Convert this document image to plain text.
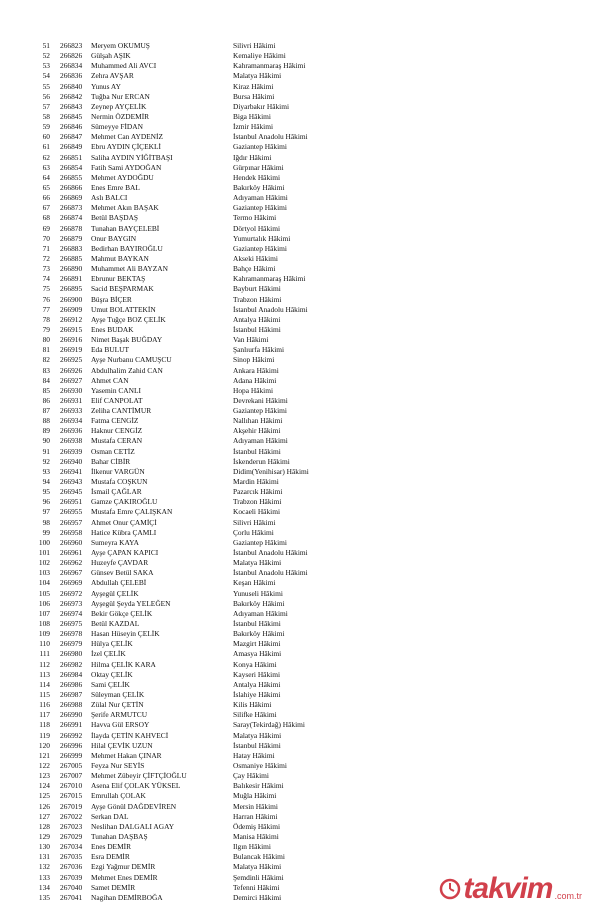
51 266823 Meryem OKUMUŞ	Silivri Hâkimi
52 266826 Gülşah AŞIK	Kemaliye Hâkimi
53 266834 Muhammed Ali AVCI	Kahramanmaraş Hâkimi
54 266836 Zehra AVŞAR	Malatya Hâkimi
55 266840 Yunus AY	Kiraz Hâkimi
56 266842 Tuğba Nur ERCAN	Bursa Hâkimi
57 266843 Zeynep AYÇELİK	Diyarbakır Hâkimi
58 266845 Nermin ÖZDEMİR	Biga Hâkimi
59 266846 Sümeyye FİDAN	İzmir Hâkimi
60 266847 Mehmet Can AYDENİZ	İstanbul Anadolu Hâkimi
61 266849 Ebru AYDIN ÇİÇEKLİ	Gaziantep Hâkimi
62 266851 Saliha AYDIN YİĞİTBAŞI	Iğdır Hâkimi
63 266854 Fatih Sami AYDOĞAN	Gürpınar Hâkimi
64 266855 Mehmet AYDOĞDU	Hendek Hâkimi
65 266866 Enes Emre BAL	Bakırköy Hâkimi
66 266869 Aslı BALCI	Adıyaman Hâkimi
67 266873 Mehmet Akın BAŞAK	Gaziantep Hâkimi
68 266874 Betül BAŞDAŞ	Termo Hâkimi
69 266878 Tunahan BAYÇELEBİ	Dörtyol Hâkimi
70 266879 Onur BAYGIN	Yumurtalık Hâkimi
71 266883 Bedirhan BAYIROĞLU	Gaziantep Hâkimi
72 266885 Mahmut BAYKAN	Akseki Hâkimi
73 266890 Muhammet Ali BAYZAN	Bahçe Hâkimi
74 266891 Ebrunur BEKTAŞ	Kahramanmaraş Hâkimi
75 266895 Sacid BEŞPARMAK	Bayburt Hâkimi
76 266900 Büşra BİÇER	Trabzon Hâkimi
77 266909 Umut BOLATTEKİN	İstanbul Anadolu Hâkimi
78 266912 Ayşe Tuğçe BOZ ÇELİK	Antalya Hâkimi
79 266915 Enes BUDAK	İstanbul Hâkimi
80 266916 Nimet Başak BUĞDAY	Van Hâkimi
81 266919 Eda BULUT	Şanlıurfa Hâkimi
82 266925 Ayşe Nurbanu CAMUŞCU	Sinop Hâkimi
83 266926 Abdulhalim Zahid CAN	Ankara Hâkimi
84 266927 Ahmet CAN	Adana Hâkimi
85 266930 Yasemin CANLI	Hopa Hâkimi
86 266931 Elif CANPOLAT	Devrekani Hâkimi
87 266933 Zeliha CANTİMUR	Gaziantep Hâkimi
88 266934 Fatma CENGİZ	Nallıhan Hâkimi
89 266936 Haknur CENGİZ	Akşehir Hâkimi
90 266938 Mustafa CERAN	Adıyaman Hâkimi
91 266939 Osman CETİZ	İstanbul Hâkimi
92 266940 Bahar CİBİR	İskenderun Hâkimi
93 266941 İlkenur VARGÜN	Didim(Yenihisar) Hâkimi
94 266943 Mustafa COŞKUN	Mardin Hâkimi
95 266945 İsmail ÇAĞLAR	Pazarcık Hâkimi
96 266951 Gamze ÇAKIROĞLU	Trabzon Hâkimi
97 266955 Mustafa Emre ÇALIŞKAN	Kocaeli Hâkimi
98 266957 Ahmet Onur ÇAMİÇİ	Silivri Hâkimi
99 266958 Hatice Kübra ÇAMLI	Çorlu Hâkimi
100 266960 Sumeyra KAYA	Gaziantep Hâkimi
101 266961 Ayşe ÇAPAN KAPICI	İstanbul Anadolu Hâkimi
102 266962 Huzeyfe ÇAVDAR	Malatya Hâkimi
103 266967 Günsev Betül SAKA	İstanbul Anadolu Hâkimi
104 266969 Abdullah ÇELEBİ	Keşan Hâkimi
105 266972 Ayşegül ÇELİK	Yunuseli Hâkimi
106 266973 Ayşegül Şeyda YELEĞEN	Bakırköy Hâkimi
107 266974 Bekir Gökçe ÇELİK	Adıyaman Hâkimi
108 266975 Betül KAZDAL	İstanbul Hâkimi
109 266978 Hasan Hüseyin ÇELİK	Bakırköy Hâkimi
110 266979 Hülya ÇELİK	Mazgirt Hâkimi
111 266980 İzel ÇELİK	Amasya Hâkimi
112 266982 Hilma ÇELİK KARA	Konya Hâkimi
113 266984 Oktay ÇELİK	Kayseri Hâkimi
114 266986 Sami ÇELİK	Antalya Hâkimi
115 266987 Süleyman ÇELİK	İslahiye Hâkimi
116 266988 Zülal Nur ÇETİN	Kilis Hâkimi
117 266990 Şerife ARMUTCU	Silifke Hâkimi
118 266991 Havva Gül ERSOY	Saray(Tekirdağ) Hâkimi
119 266992 İlayda ÇETİN KAHVECİ	Malatya Hâkimi
120 266996 Hilal ÇEVİK UZUN	İstanbul Hâkimi
121 266999 Mehmet Hakan ÇINAR	Hatay Hâkimi
122 267005 Feyza Nur SEYİS	Osmaniye Hâkimi
123 267007 Mehmet Zübeyir ÇİFTÇİOĞLU	Çay Hâkimi
124 267010 Asena Elif ÇOLAK YÜKSEL	Balıkesir Hâkimi
125 267015 Emrullah ÇOLAK	Muğla Hâkimi
126 267019 Ayşe Gönül DAĞDEVİREN	Mersin Hâkimi
127 267022 Serkan DAL	Harran Hâkimi
128 267023 Neslihan DALGALI AGAY	Ödemiş Hâkimi
129 267029 Tunahan DAŞBAŞ	Manisa Hâkimi
130 267034 Enes DEMİR	Ilgın Hâkimi
131 267035 Esra DEMİR	Bulancak Hâkimi
132 267036 Ezgi Yağmur DEMİR	Malatya Hâkimi
133 267039 Mehmet Enes DEMİR	Şemdinli Hâkimi
134 267040 Samet DEMİR	Tefenni Hâkimi
135 267041 Nagihan DEMİRBOĞA	Demirci Hâkimi	takvim .com.tr
